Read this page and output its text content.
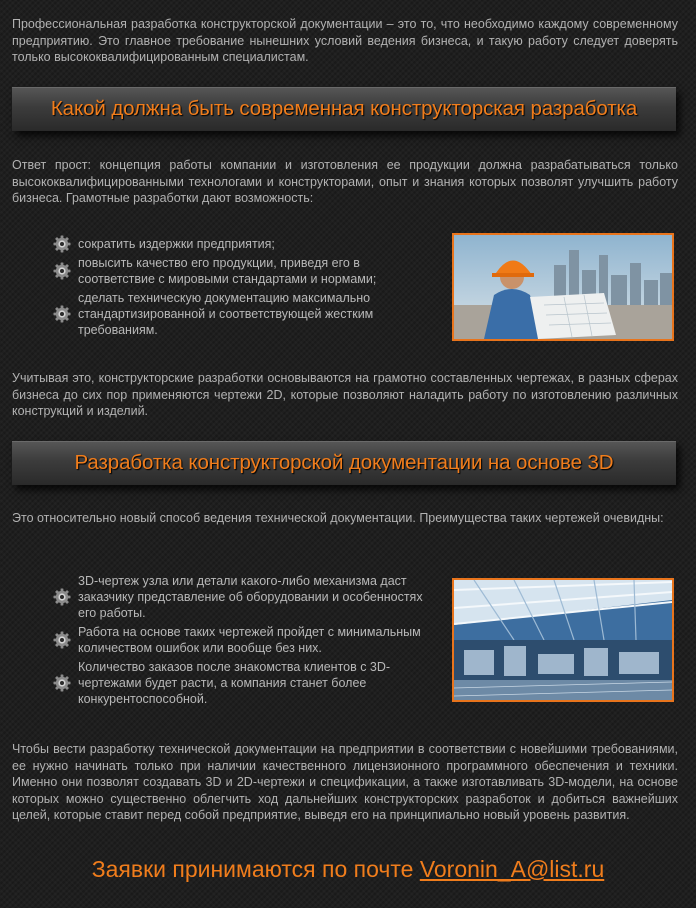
Профессиональная разработка конструкторской документации – это то, что необходимо каждому современному предприятию. Это главное требование нынешних условий ведения бизнеса, и такую работу следует доверять только высококвалифицированным специалистам.

Какой должна быть современная конструкторская разработка

Ответ прост: концепция работы компании и изготовления ее продукции должна разрабатываться только высококвалифицированными технологами и конструкторами, опыт и знания которых позволят улучшить работу бизнеса. Грамотные разработки дают возможность:

сократить издержки предприятия;
повысить качество его продукции, приведя его в соответствие с мировыми стандартами и нормами;
сделать техническую документацию максимально стандартизированной и соответствующей жестким требованиям.

Учитывая это, конструкторские разработки основываются на грамотно составленных чертежах, в разных сферах бизнеса до сих пор применяются чертежи 2D, которые позволяют наладить работу по изготовлению различных конструкций и изделий.

Разработка конструкторской документации на основе 3D

Это относительно новый способ ведения технической документации. Преимущества таких чертежей очевидны:

3D-чертеж узла или детали какого-либо механизма даст заказчику представление об оборудовании и особенностях его работы.
Работа на основе таких чертежей пройдет с минимальным количеством ошибок или вообще без них.
Количество заказов после знакомства клиентов с 3D-чертежами будет расти, а компания станет более конкурентоспособной.

Чтобы вести разработку технической документации на предприятии в соответствии с новейшими требованиями, ее нужно начинать только при наличии качественного лицензионного программного обеспечения и техники. Именно они позволят создавать 3D и 2D-чертежи и спецификации, а также изготавливать 3D-модели, на основе которых можно существенно облегчить ход дальнейших конструкторских разработок и добиться важнейших целей, которые ставит перед собой предприятие, выведя его на принципиально новый уровень развития.

Заявки принимаются по почте Voronin_A@list.ru
